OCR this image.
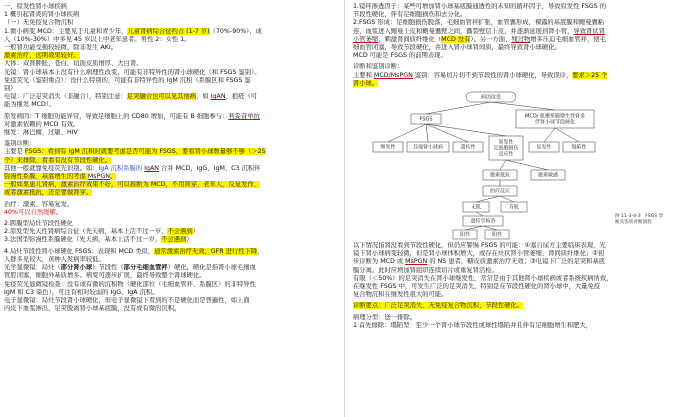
一、原发性肾小球疾病
1 概引起肾炎的肾小球疾病
（一）无免疫复合物沉积
1.微小病变 MCD：主要见于儿童和青少年，儿童肾病综合征约占 (1-7 岁)（70%-90%），成
人（10%-30%）中多见 45 岁以上中老年患者。男性 2：女性 1。
一般肾功能受损较轻微，除非发生 AKI。
激素治疗，远期效果较好。
大体：双肾肿胀、苍白，切面皮质增厚、大白肾。
光镜：肾小球基本上没有什么病理性改变，可能有非特异性的肾小球硬化（和 FSGS 鉴别）。
免疫荧光（鉴别重点）：没什么特别的，可能有非特异性的 IgM 沉积（系膜区和 FSGS 鉴
别）
电镜：广泛足突消失（非融合），特别注意：足突融合也可以见其他病，如 IgAN、狼疮（可
能为继发 MCD）。
原发病因：T 细胞功能异常，导致足细胞上的 CD80 增加，可能有 B 细胞参与：利妥昔单抗
对激素依赖的 MCD 有效。
继发：淋巴瘤、过敏、HIV
鉴别诊断：
主要是 FSGS：看到有 IgM 沉积时就要考虑是否可能为 FSGS，要看肾小球数量够不够（＞25
个）来排除。看看有没有节段性硬化。
其他一般就靠免疫荧光识别。如：IgA 沉积系膜的 IgAN 合并 MCD，IgG、IgM、C3 沉积伴
弥漫性系膜、基底增生的考虑 MsPGN。
一般如果患儿肾病，激素治疗效果不好，可以推断为 MCD，不用肾穿，老年人，反复发作、
或者激素抵抗，还是要做肾穿。
治疗：激素、容易复发。
40%可以自然缓解。
2.跨膜型局灶节段性硬化
2.原发型先天性肾病综合征（先天病，基本上活不过一岁，不会遇到）
3.法国型弥漫性系膜硬化（先天病，基本上活不过一岁，不会遇到）
4.局灶节段性肾小球硬化 FSGS：表现和 MCD 类似，通常激素治疗无效，GFR 进行性下降，
人群多见较大，黄种人发病率较低。
光学显微镜：局灶（部分肾小球）节段性（部分毛细血管袢）硬化，硬化是指肾小球毛细血
管腔闭塞，细胞外基质增多。病变可逐步扩展，最终导致整个肾球硬化。
免疫荧光显微镜检查：没有或有微的沉积物（硬化部位（毛细血管袢、系膜区）的非特异性
IgM 和 C3 染色），可注有相对较弱的 IgG、IgA 沉积。
电子显微镜：局灶节段肾小球硬化，但电子显微镜下看到的不是硬化而是普遍性，如上面
内皮下血浆渗出，足突脱离肾小球基底膜，没有或有微的沉积。
1.镜环渗透因子：某些可增加肾小球基底膜通透性的未知的循环因子，导致原发性 FSGS 的
节段性硬化，伴有足细胞损伤和去分化。
2.FSGS 形成：足细胞损伤脱落，毛细血管袢扩张，血管囊形成，裸露的基底膜和鲍曼囊粘
连，血浆进入鲍曼上皮和鲍曼囊壁之间，撕裂壁层上皮，并逐渐延展到肾小管，导致肾状肾
小管萎缩，刺激肾间质纤维化（MCD 没有）。另一方面，残过物增多压迫毛细血管袢，使毛
细血管闭塞，导致节段硬化，并进入肾小球肾间质，最终导致肾小球硬化。
MCD 可能是 FSGS 的前期表现。
诊断和鉴别诊断：
主要和 MCD/MsPGN 鉴别：容易切片切不到节段性的肾小球硬化，导致误诊，要求＞25 个
肾小球。
病因改变
FSGS	MCD/ 肌槽系膜增生性肾炎伴肾小球节段硬化
继发性	其他肾小球病	遗传性
原发性足细胞损伤适应性
复发性	塌陷性
激素抵抗	激素敏感
的疗反应
无肌	有肌
遗传学检查
阳性	阴性
图 11-3-4-3　FSGS 诊
断及鉴别诊断流程
以下情况指肾没看到节段性硬化，但仍应警惕 FSGS 的可能：①塞自尿方主要临床表现，光
镜下肾小球病变轻微，但是肾小球体积增大，或存在灶状肾小管萎缩、肾间质纤维化；②初
步诊断为 MCD 或 MsPGN 的 NS 患者，糖皮质激素治疗无效；③电镜下广泛的足突和基底
膜分离。此时应增加肾组织连续切片或重复肾活检。
有限（＜50%）的足突消失在肾小球继发性，常常是由于其他肾小球疾病或者系统疾病所致，
在继发性 FSGS 中，可发生广泛的足突消失，特别是在节段性硬化的肾小球中，大量免疫
复合物沉积在继发性很大的可能。
诊断要点：广泛足突消失、无免疫复合物沉积、节段性硬化。
病理分型：送一排除。
1 首先排除：塌陷型：至少一个肾小球节段性或球性塌陷并且伴有足细胞增生和肥大，
